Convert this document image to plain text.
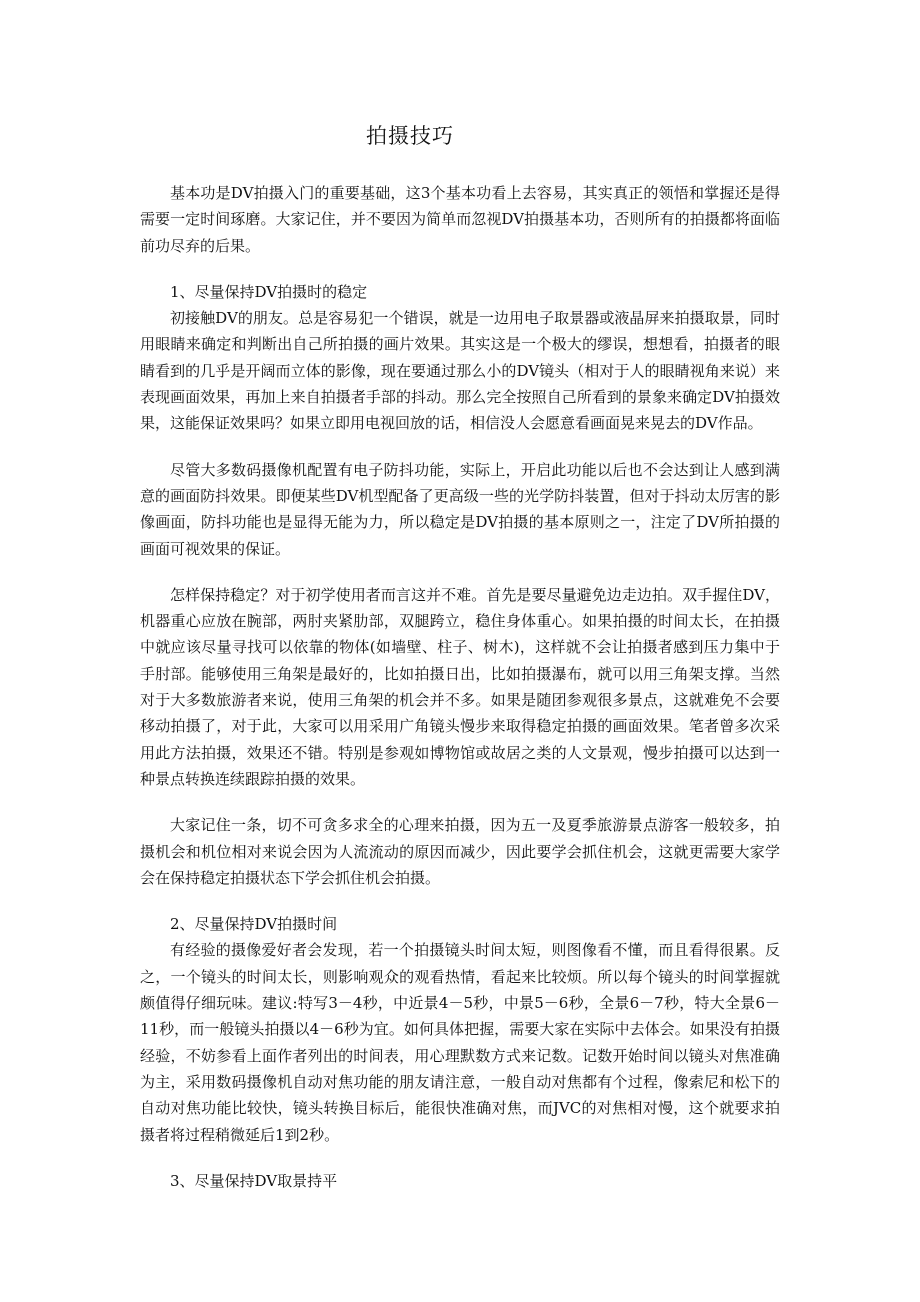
拍摄技巧

基本功是DV拍摄入门的重要基础，这3个基本功看上去容易，其实真正的领悟和掌握还是得需要一定时间琢磨。大家记住，并不要因为简单而忽视DV拍摄基本功，否则所有的拍摄都将面临前功尽弃的后果。

1、尽量保持DV拍摄时的稳定

初接触DV的朋友。总是容易犯一个错误，就是一边用电子取景器或液晶屏来拍摄取景，同时用眼睛来确定和判断出自己所拍摄的画片效果。其实这是一个极大的缪误，想想看，拍摄者的眼睛看到的几乎是开阔而立体的影像，现在要通过那么小的DV镜头（相对于人的眼睛视角来说）来表现画面效果，再加上来自拍摄者手部的抖动。那么完全按照自己所看到的景象来确定DV拍摄效果，这能保证效果吗？如果立即用电视回放的话，相信没人会愿意看画面晃来晃去的DV作品。

尽管大多数码摄像机配置有电子防抖功能，实际上，开启此功能以后也不会达到让人感到满意的画面防抖效果。即便某些DV机型配备了更高级一些的光学防抖装置，但对于抖动太厉害的影像画面，防抖功能也是显得无能为力，所以稳定是DV拍摄的基本原则之一，注定了DV所拍摄的画面可视效果的保证。

怎样保持稳定？对于初学使用者而言这并不难。首先是要尽量避免边走边拍。双手握住DV，机器重心应放在腕部，两肘夹紧肋部，双腿跨立，稳住身体重心。如果拍摄的时间太长，在拍摄中就应该尽量寻找可以依靠的物体(如墙壁、柱子、树木)，这样就不会让拍摄者感到压力集中于手肘部。能够使用三角架是最好的，比如拍摄日出，比如拍摄瀑布，就可以用三角架支撑。当然对于大多数旅游者来说，使用三角架的机会并不多。如果是随团参观很多景点，这就难免不会要移动拍摄了，对于此，大家可以用采用广角镜头慢步来取得稳定拍摄的画面效果。笔者曾多次采用此方法拍摄，效果还不错。特别是参观如博物馆或故居之类的人文景观，慢步拍摄可以达到一种景点转换连续跟踪拍摄的效果。

大家记住一条，切不可贪多求全的心理来拍摄，因为五一及夏季旅游景点游客一般较多，拍摄机会和机位相对来说会因为人流流动的原因而减少，因此要学会抓住机会，这就更需要大家学会在保持稳定拍摄状态下学会抓住机会拍摄。

2、尽量保持DV拍摄时间

有经验的摄像爱好者会发现，若一个拍摄镜头时间太短，则图像看不懂，而且看得很累。反之，一个镜头的时间太长，则影响观众的观看热情，看起来比较烦。所以每个镜头的时间掌握就颇值得仔细玩味。建议:特写3－4秒，中近景4－5秒，中景5－6秒，全景6－7秒，特大全景6－11秒，而一般镜头拍摄以4－6秒为宜。如何具体把握，需要大家在实际中去体会。如果没有拍摄经验，不妨参看上面作者列出的时间表，用心理默数方式来记数。记数开始时间以镜头对焦准确为主，采用数码摄像机自动对焦功能的朋友请注意，一般自动对焦都有个过程，像索尼和松下的自动对焦功能比较快，镜头转换目标后，能很快准确对焦，而JVC的对焦相对慢，这个就要求拍摄者将过程稍微延后1到2秒。

3、尽量保持DV取景持平
